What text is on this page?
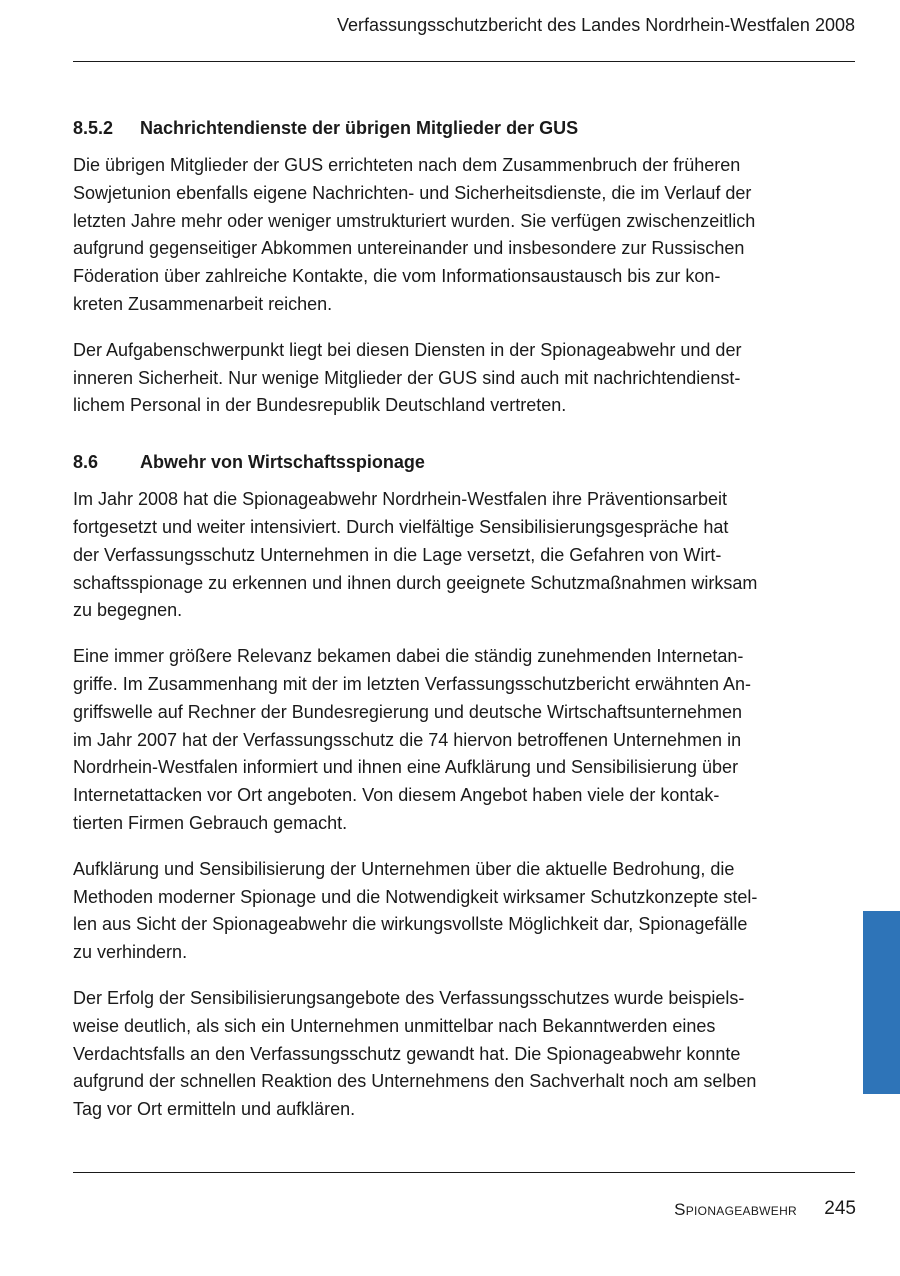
Verfassungsschutzbericht des Landes Nordrhein-Westfalen 2008
8.5.2	Nachrichtendienste der übrigen Mitglieder der GUS

Die übrigen Mitglieder der GUS errichteten nach dem Zusammenbruch der früheren
Sowjetunion ebenfalls eigene Nachrichten- und Sicherheitsdienste, die im Verlauf der
letzten Jahre mehr oder weniger umstrukturiert wurden. Sie verfügen zwischenzeitlich
aufgrund gegenseitiger Abkommen untereinander und insbesondere zur Russischen
Föderation über zahlreiche Kontakte, die vom Informationsaustausch bis zur kon-
kreten Zusammenarbeit reichen.

Der Aufgabenschwerpunkt liegt bei diesen Diensten in der Spionageabwehr und der
inneren Sicherheit. Nur wenige Mitglieder der GUS sind auch mit nachrichtendienst-
lichem Personal in der Bundesrepublik Deutschland vertreten.

8.6	Abwehr von Wirtschaftsspionage

Im Jahr 2008 hat die Spionageabwehr Nordrhein-Westfalen ihre Präventionsarbeit
fortgesetzt und weiter intensiviert. Durch vielfältige Sensibilisierungsgespräche hat
der Verfassungsschutz Unternehmen in die Lage versetzt, die Gefahren von Wirt-
schaftsspionage zu erkennen und ihnen durch geeignete Schutzmaßnahmen wirksam
zu begegnen.

Eine immer größere Relevanz bekamen dabei die ständig zunehmenden Internetan-
griffe. Im Zusammenhang mit der im letzten Verfassungsschutzbericht erwähnten An-
griffswelle auf Rechner der Bundesregierung und deutsche Wirtschaftsunternehmen
im Jahr 2007 hat der Verfassungsschutz die 74 hiervon betroffenen Unternehmen in
Nordrhein-Westfalen informiert und ihnen eine Aufklärung und Sensibilisierung über
Internetattacken vor Ort angeboten. Von diesem Angebot haben viele der kontak-
tierten Firmen Gebrauch gemacht.

Aufklärung und Sensibilisierung der Unternehmen über die aktuelle Bedrohung, die
Methoden moderner Spionage und die Notwendigkeit wirksamer Schutzkonzepte stel-
len aus Sicht der Spionageabwehr die wirkungsvollste Möglichkeit dar, Spionagefälle
zu verhindern.

Der Erfolg der Sensibilisierungsangebote des Verfassungsschutzes wurde beispiels-
weise deutlich, als sich ein Unternehmen unmittelbar nach Bekanntwerden eines
Verdachtsfalls an den Verfassungsschutz gewandt hat. Die Spionageabwehr konnte
aufgrund der schnellen Reaktion des Unternehmens den Sachverhalt noch am selben
Tag vor Ort ermitteln und aufklären.

Spionageabwehr 245
